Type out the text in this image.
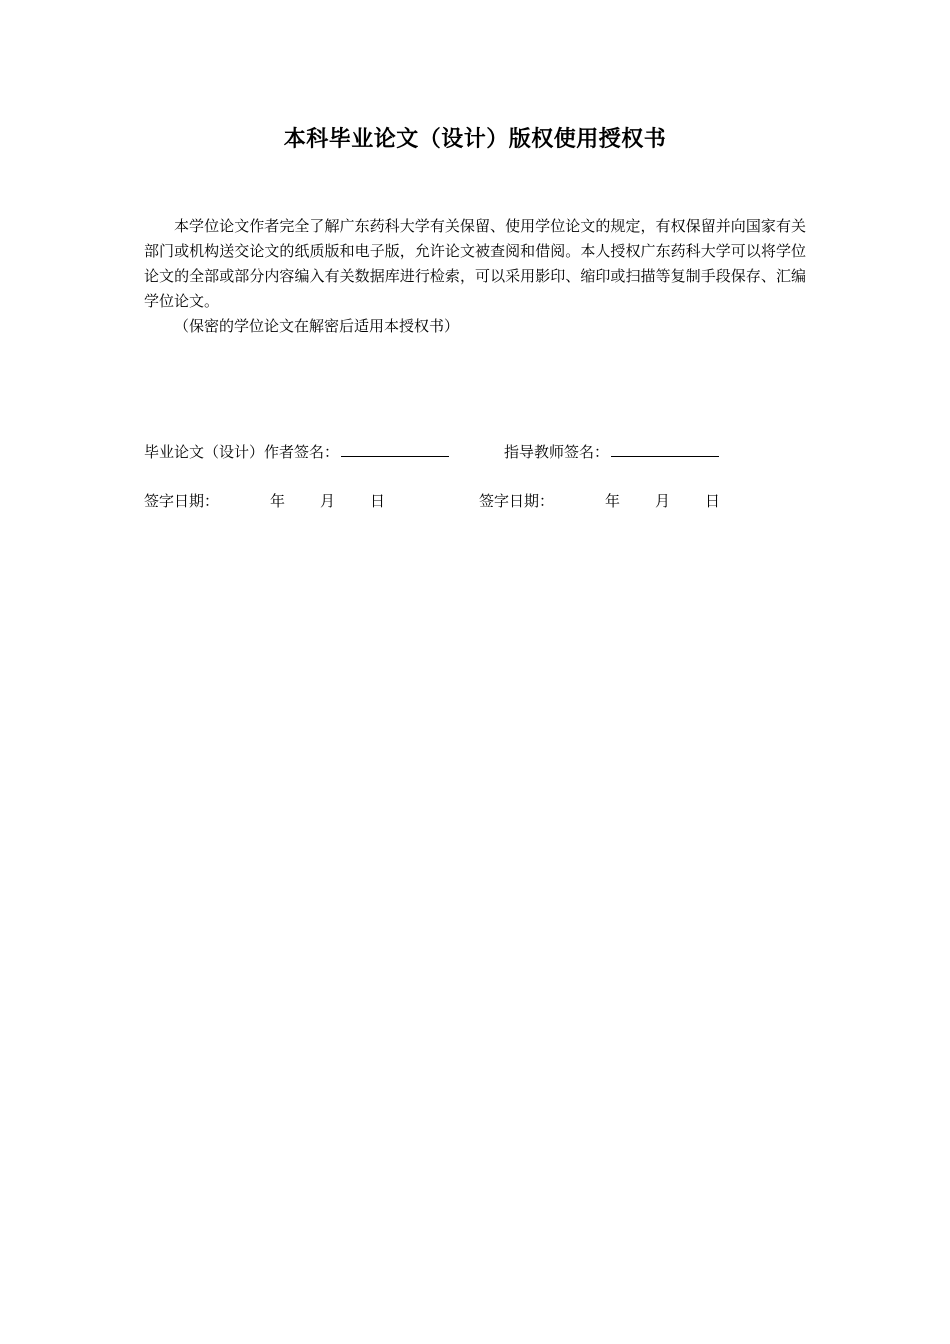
本科毕业论文（设计）版权使用授权书

本学位论文作者完全了解广东药科大学有关保留、使用学位论文的规定，有权保留并向国家有关部门或机构送交论文的纸质版和电子版，允许论文被查阅和借阅。本人授权广东药科大学可以将学位论文的全部或部分内容编入有关数据库进行检索，可以采用影印、缩印或扫描等复制手段保存、汇编学位论文。

（保密的学位论文在解密后适用本授权书）

毕业论文（设计）作者签名：	指导教师签名：
签字日期：	年 月 日	签字日期：	年 月 日
